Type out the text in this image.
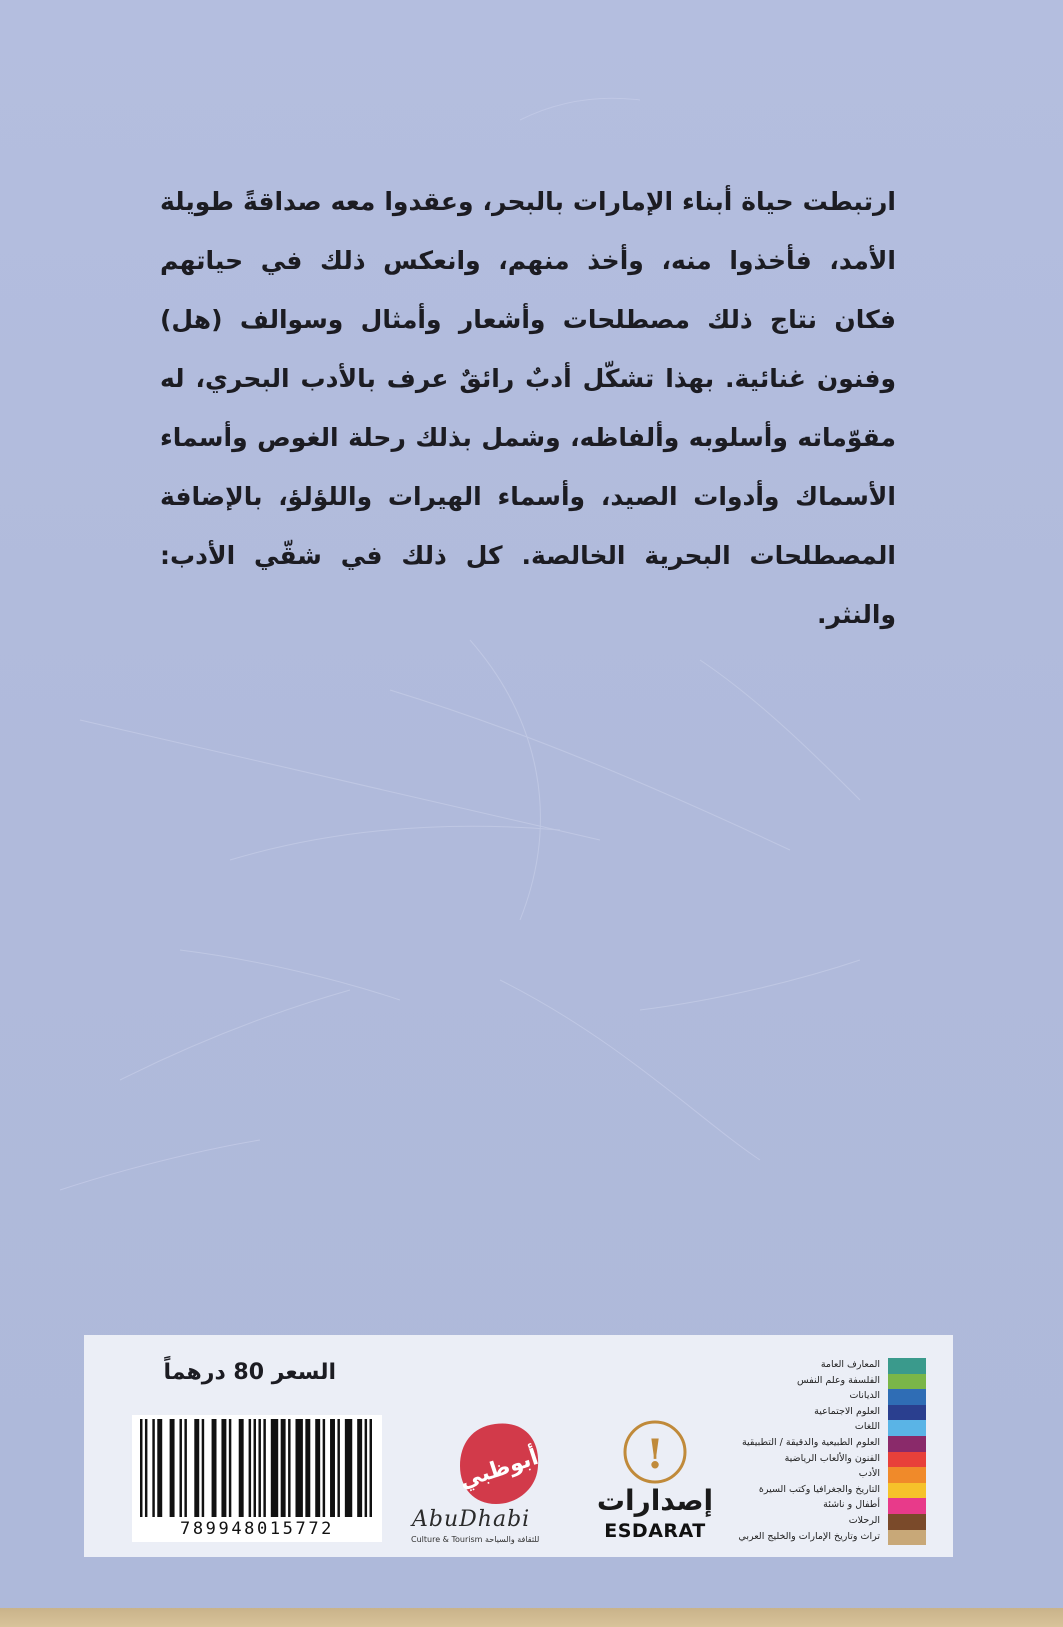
ارتبطت حياة أبناء الإمارات بالبحر، وعقدوا معه صداقةً طويلة
الأمد، فأخذوا منه، وأخذ منهم، وانعكس ذلك في حياتهم
فكان نتاج ذلك مصطلحات وأشعار وأمثال وسوالف (هل)
وفنون غنائية. بهذا تشكّل أدبٌ رائقٌ عرف بالأدب البحري، له
مقوّماته وأسلوبه وألفاظه، وشمل بذلك رحلة الغوص وأسماء
الأسماك وأدوات الصيد، وأسماء الهيرات واللؤلؤ، بالإضافة
المصطلحات البحرية الخالصة. كل ذلك في شقّي الأدب:
والنثر.
السعر 80 درهماً
789948015772
أبوظبي
AbuDhabi
Culture & Tourism للثقافة والسياحة
!
إصدارات
ESDARAT
المعارف العامة
الفلسفة وعلم النفس
الديانات
العلوم الاجتماعية
اللغات
العلوم الطبيعية والدقيقة / التطبيقية
الفنون والألعاب الرياضية
الأدب
التاريخ والجغرافيا وكتب السيرة
أطفال و ناشئة
الرحلات
تراث وتاريخ الإمارات والخليج العربي
